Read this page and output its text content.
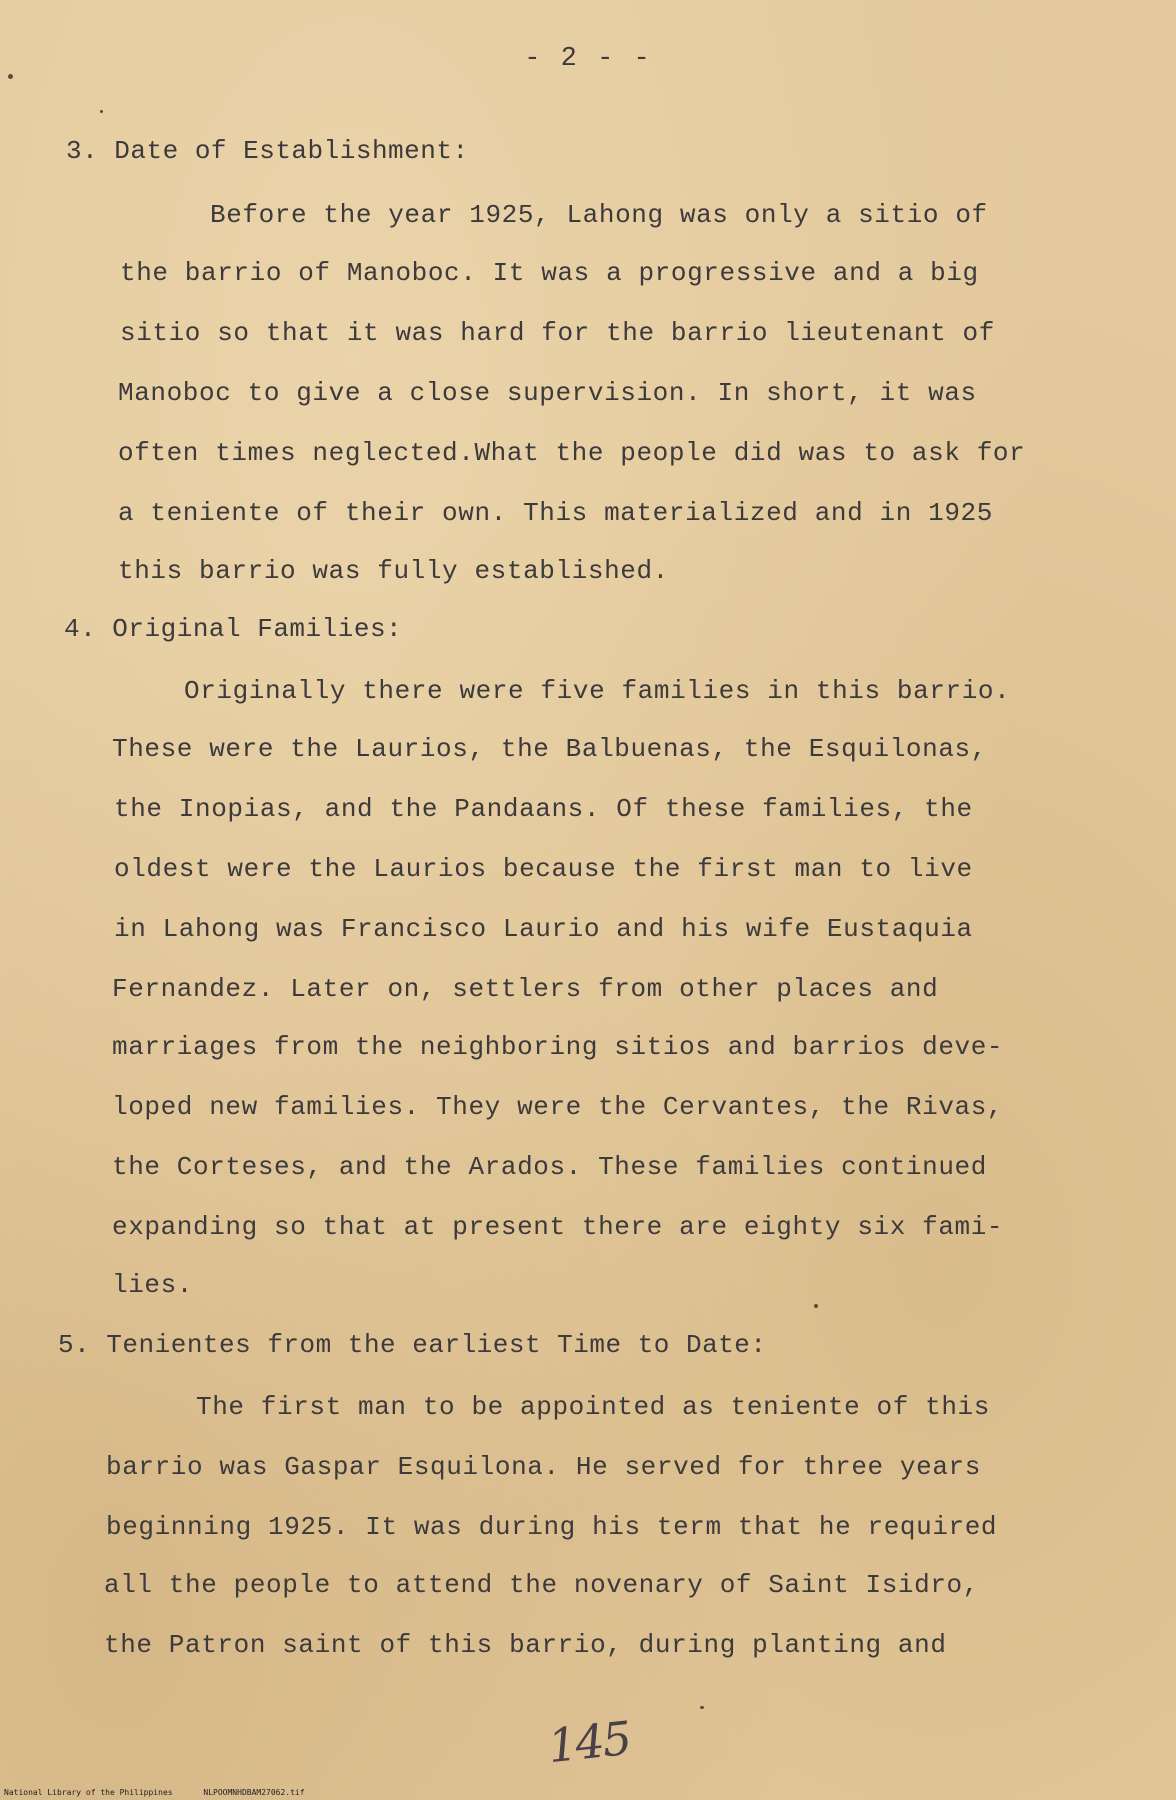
- 2 - -
3. Date of Establishment:
Before the year 1925, Lahong was only a sitio of
the barrio of Manoboc. It was a progressive and a big
sitio so that it was hard for the barrio lieutenant of
Manoboc to give a close supervision. In short, it was
often times neglected.What the people did was to ask for
a teniente of their own. This materialized and in 1925
this barrio was fully established.
4. Original Families:
Originally there were five families in this barrio.
These were the Laurios, the Balbuenas, the Esquilonas,
the Inopias, and the Pandaans. Of these families, the
oldest were the Laurios because the first man to live
in Lahong was Francisco Laurio and his wife Eustaquia
Fernandez. Later on, settlers from other places and
marriages from the neighboring sitios and barrios deve-
loped new families. They were the Cervantes, the Rivas,
the Corteses, and the Arados. These families continued
expanding so that at present there are eighty six fami-
lies.
5. Tenientes from the earliest Time to Date:
The first man to be appointed as teniente of this
barrio was Gaspar Esquilona. He served for three years
beginning 1925. It was during his term that he required
all the people to attend the novenary of Saint Isidro,
the Patron saint of this barrio, during planting and
145
National Library of the Philippines	NLPOOMNHDBAM27062.tif
